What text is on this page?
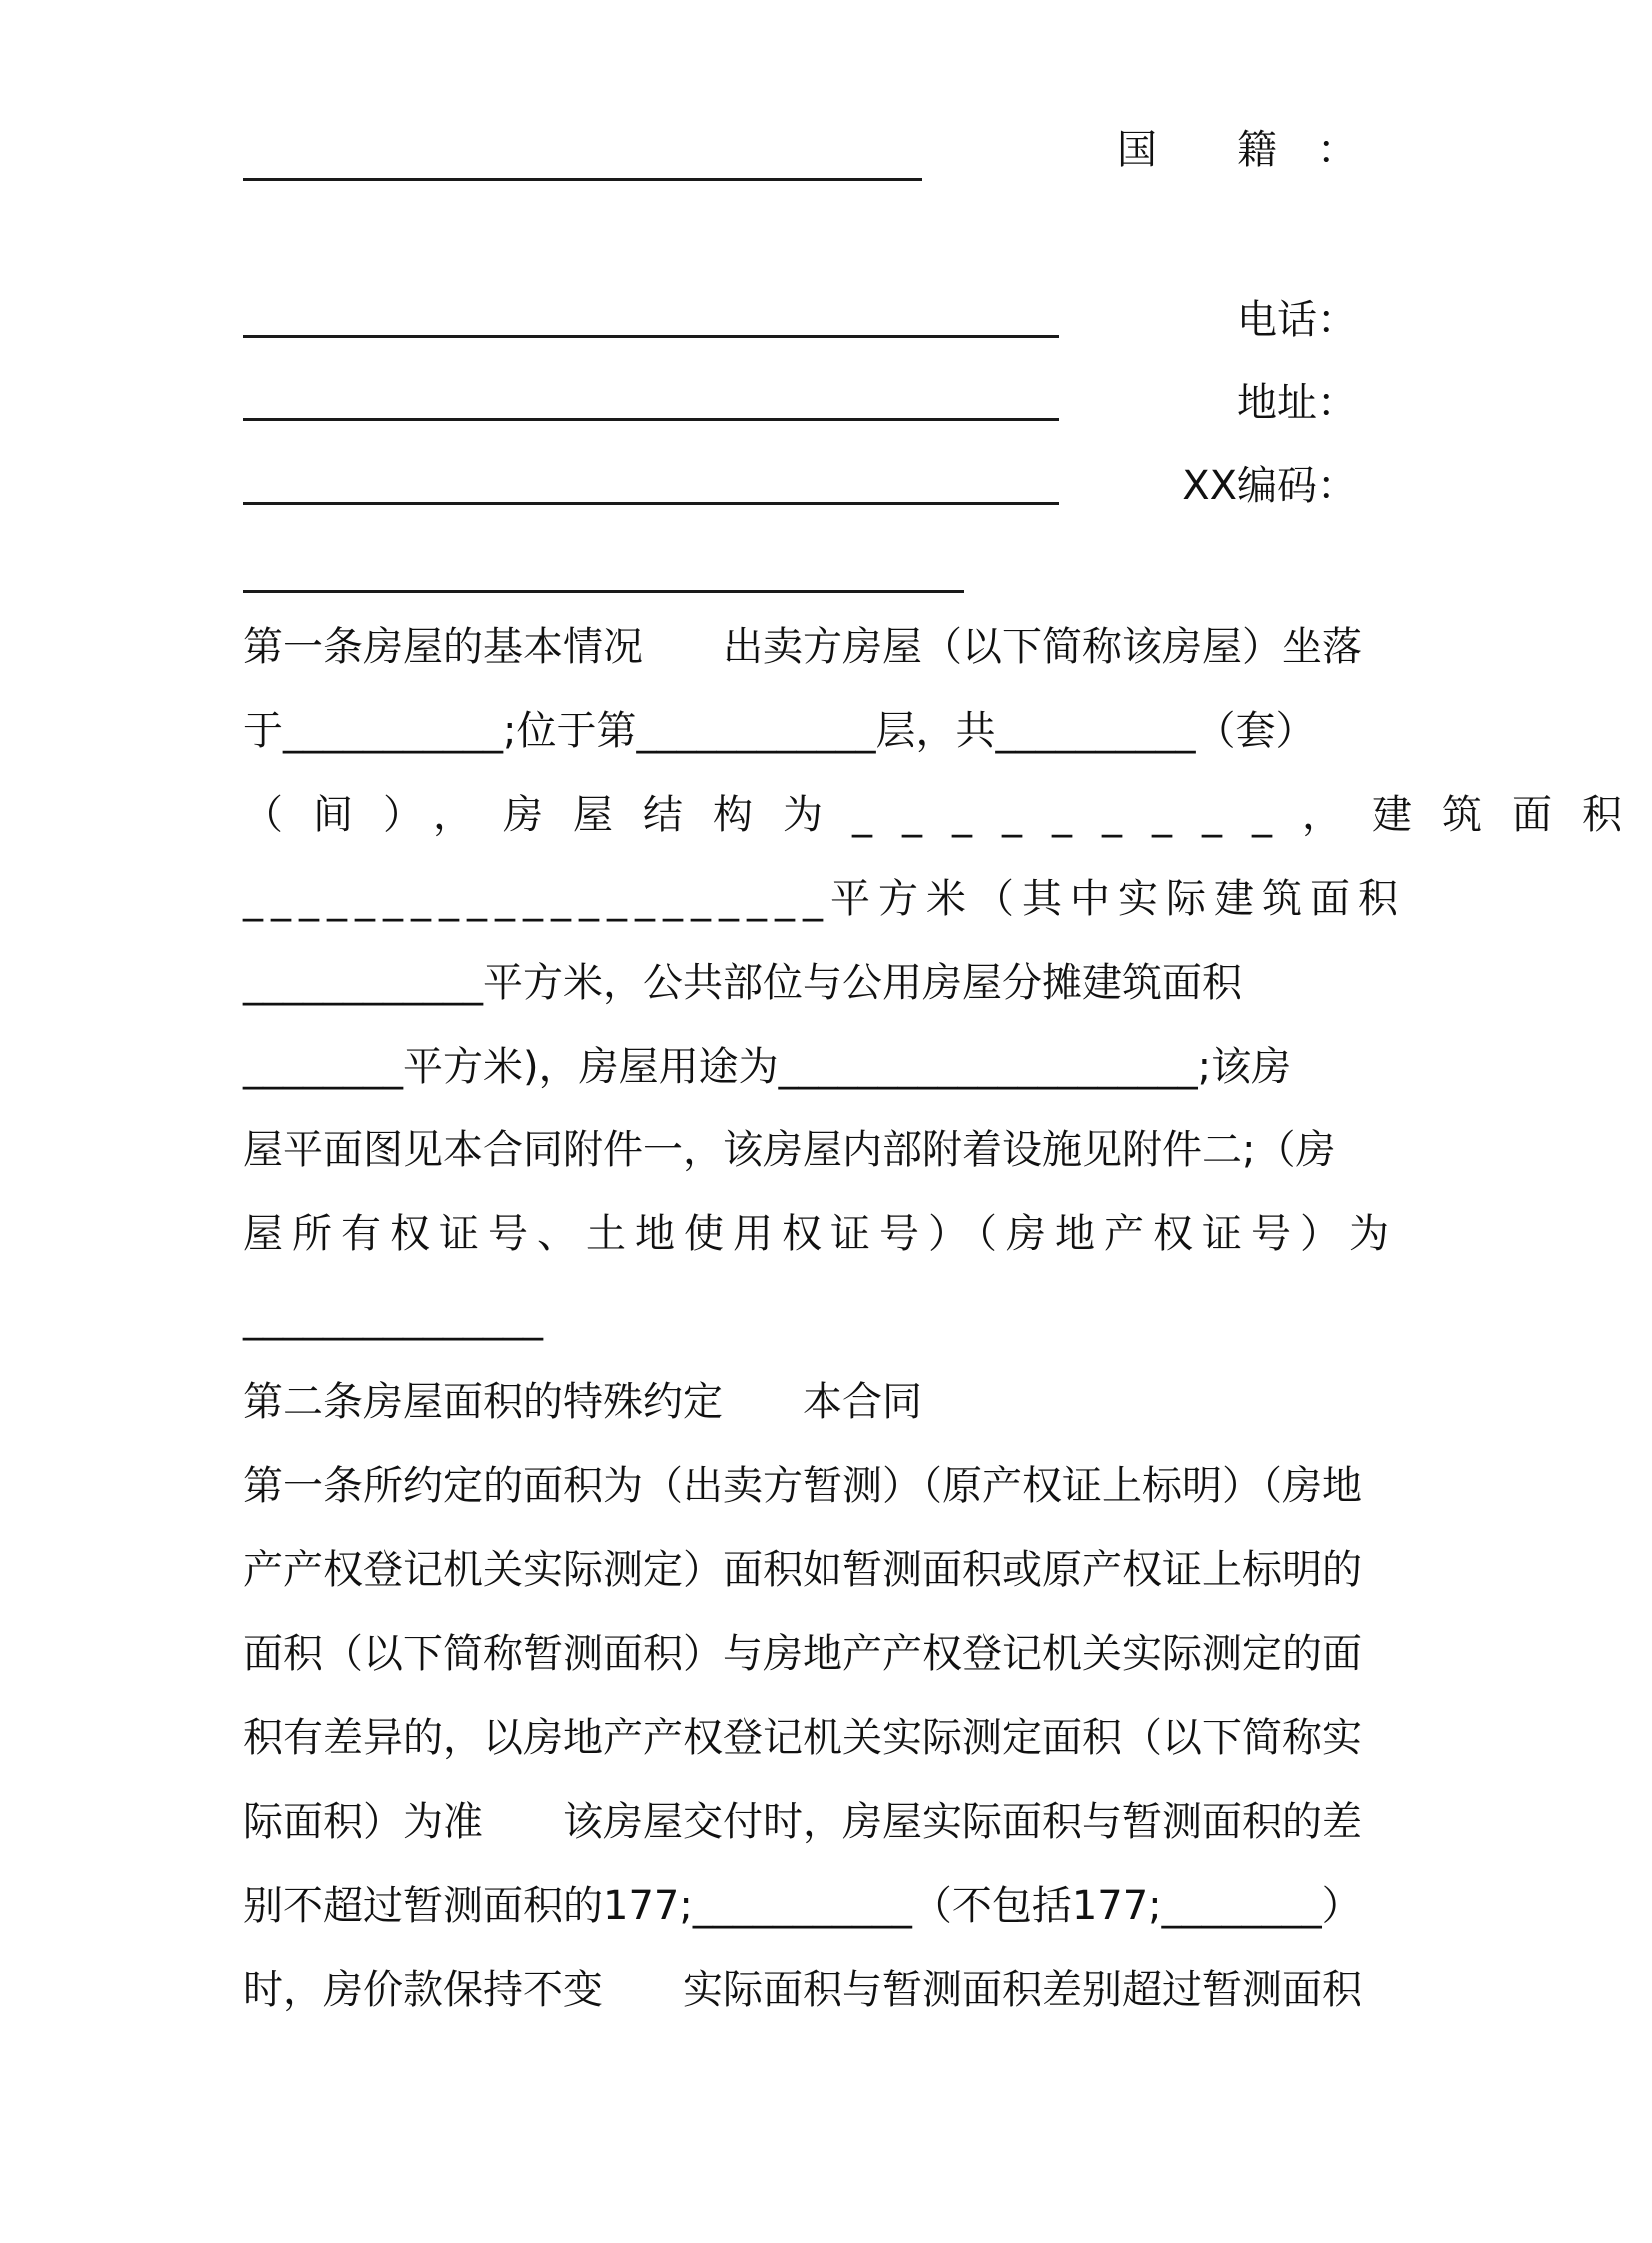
国　　籍　：
电话：
地址：
XX编码：
第一条房屋的基本情况　　出卖方房屋（以下简称该房屋）坐落
于___________;位于第____________层，共__________（套）
（间），房屋结构为_________，建筑面积
_____________________平方米（其中实际建筑面积
____________平方米，公共部位与公用房屋分摊建筑面积
________平方米)，房屋用途为_____________________;该房
屋平面图见本合同附件一，该房屋内部附着设施见附件二;（房
屋所有权证号、土地使用权证号）（房地产权证号）为
_______________
第二条房屋面积的特殊约定　　本合同
第一条所约定的面积为（出卖方暂测）（原产权证上标明）（房地
产产权登记机关实际测定）面积如暂测面积或原产权证上标明的
面积（以下简称暂测面积）与房地产产权登记机关实际测定的面
积有差异的，以房地产产权登记机关实际测定面积（以下简称实
际面积）为准　　该房屋交付时，房屋实际面积与暂测面积的差
别不超过暂测面积的177;___________（不包括177;________）
时，房价款保持不变　　实际面积与暂测面积差别超过暂测面积
